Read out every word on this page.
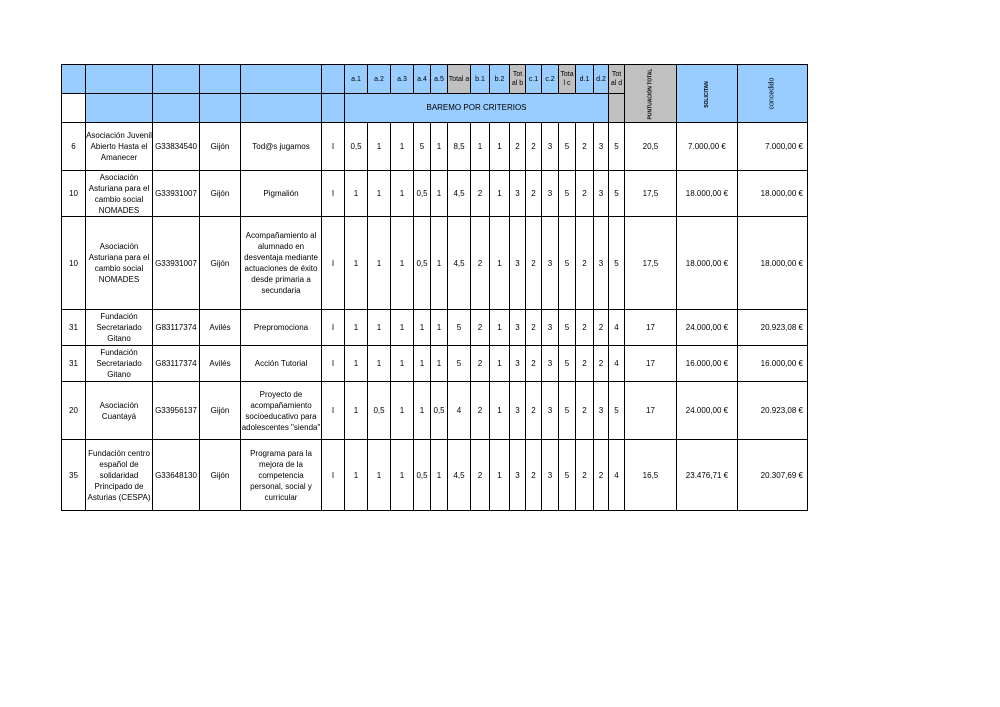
						a.1	a.2	a.3	a.4	a.5	Total a	b.1	b.2	Tot al b	c.1	c.2	Tota l c	d.1	d.2	Tot al d	PUNTUACIÓN TOTAL	SOLICITAN	concedido
						BAREMO POR CRITERIOS																	
6	Asociación Juvenil Abierto Hasta el Amanecer	G33834540	Gijón	Tod@s jugamos	I	0,5	1	1	5	1	8,5	1	1	2	2	3	5	2	3	5	20,5	7.000,00 €	7.000,00 €
10	Asociación Asturiana para el cambio social NOMADES	G33931007	Gijón	Pigmalión	I	1	1	1	0,5	1	4,5	2	1	3	2	3	5	2	3	5	17,5	18.000,00 €	18.000,00 €
10	Asociación Asturiana para el cambio social NOMADES	G33931007	Gijón	Acompañamiento al alumnado en desventaja mediante actuaciones de éxito desde primaria a secundaria	I	1	1	1	0,5	1	4,5	2	1	3	2	3	5	2	3	5	17,5	18.000,00 €	18.000,00 €
31	Fundación Secretariado Gitano	G83117374	Avilés	Prepromociona	I	1	1	1	1	1	5	2	1	3	2	3	5	2	2	4	17	24.000,00 €	20.923,08 €
31	Fundación Secretariado Gitano	G83117374	Avilés	Acción Tutorial	I	1	1	1	1	1	5	2	1	3	2	3	5	2	2	4	17	16.000,00 €	16.000,00 €
20	Asociación Cuantayá	G33956137	Gijón	Proyecto de acompañamiento socioeducativo para adolescentes "sienda"	I	1	0,5	1	1	0,5	4	2	1	3	2	3	5	2	3	5	17	24.000,00 €	20.923,08 €
35	Fundación centro español de solidaridad Principado de Asturias (CESPA)	G33648130	Gijón	Programa para la mejora de la competencia personal, social y curricular	I	1	1	1	0,5	1	4,5	2	1	3	2	3	5	2	2	4	16,5	23.476,71 €	20.307,69 €
